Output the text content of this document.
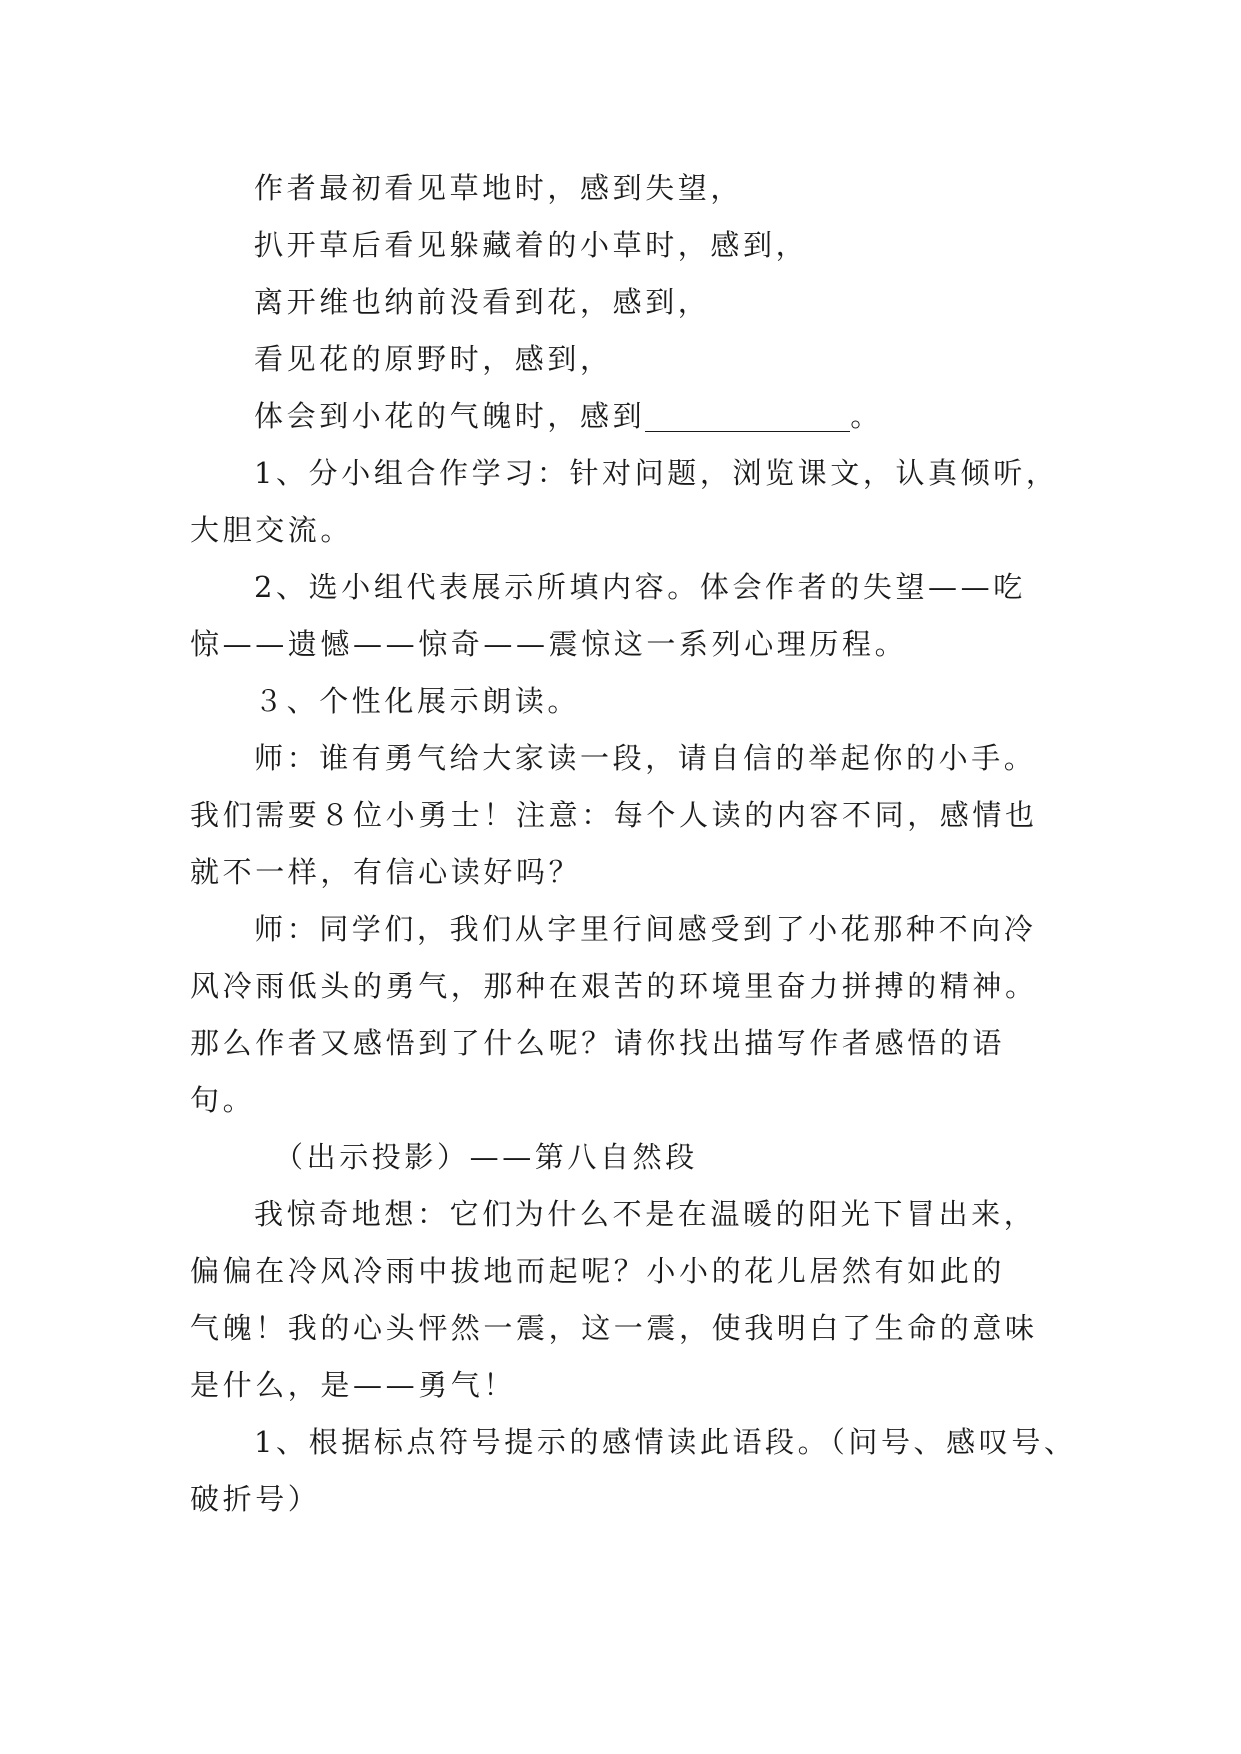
作者最初看见草地时，感到失望，
扒开草后看见躲藏着的小草时，感到，
离开维也纳前没看到花，感到，
看见花的原野时，感到，
体会到小花的气魄时，感到	。
1、分小组合作学习：针对问题，浏览课文，认真倾听，
大胆交流。
2、选小组代表展示所填内容。体会作者的失望——吃
惊——遗憾——惊奇——震惊这一系列心理历程。
３、个性化展示朗读。
师：谁有勇气给大家读一段，请自信的举起你的小手。
我们需要８位小勇士！注意：每个人读的内容不同，感情也
就不一样，有信心读好吗？
师：同学们，我们从字里行间感受到了小花那种不向冷
风冷雨低头的勇气，那种在艰苦的环境里奋力拼搏的精神。
那么作者又感悟到了什么呢？请你找出描写作者感悟的语
句。
（出示投影）——第八自然段
我惊奇地想：它们为什么不是在温暖的阳光下冒出来，
偏偏在冷风冷雨中拔地而起呢？小小的花儿居然有如此的
气魄！我的心头怦然一震，这一震，使我明白了生命的意味
是什么，是——勇气！
1、根据标点符号提示的感情读此语段。（问号、感叹号、
破折号）
